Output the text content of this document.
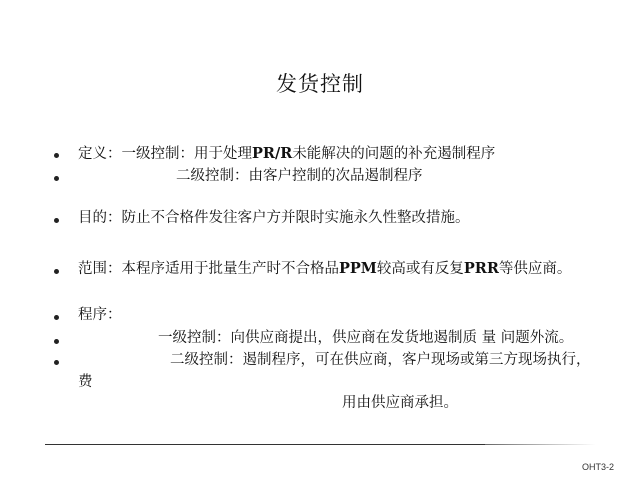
发货控制
定义：一级控制：用于处理PR/R未能解决的问题的补充遏制程序
二级控制：由客户控制的次品遏制程序
目的：防止不合格件发往客户方并限时实施永久性整改措施。
范围：本程序适用于批量生产时不合格品PPM较高或有反复PRR等供应商。
程序：
一级控制：向供应商提出，供应商在发货地遏制质 量 问题外流。
二级控制：遏制程序，可在供应商，客户现场或第三方现场执行，
费
用由供应商承担。
OHT3-2
